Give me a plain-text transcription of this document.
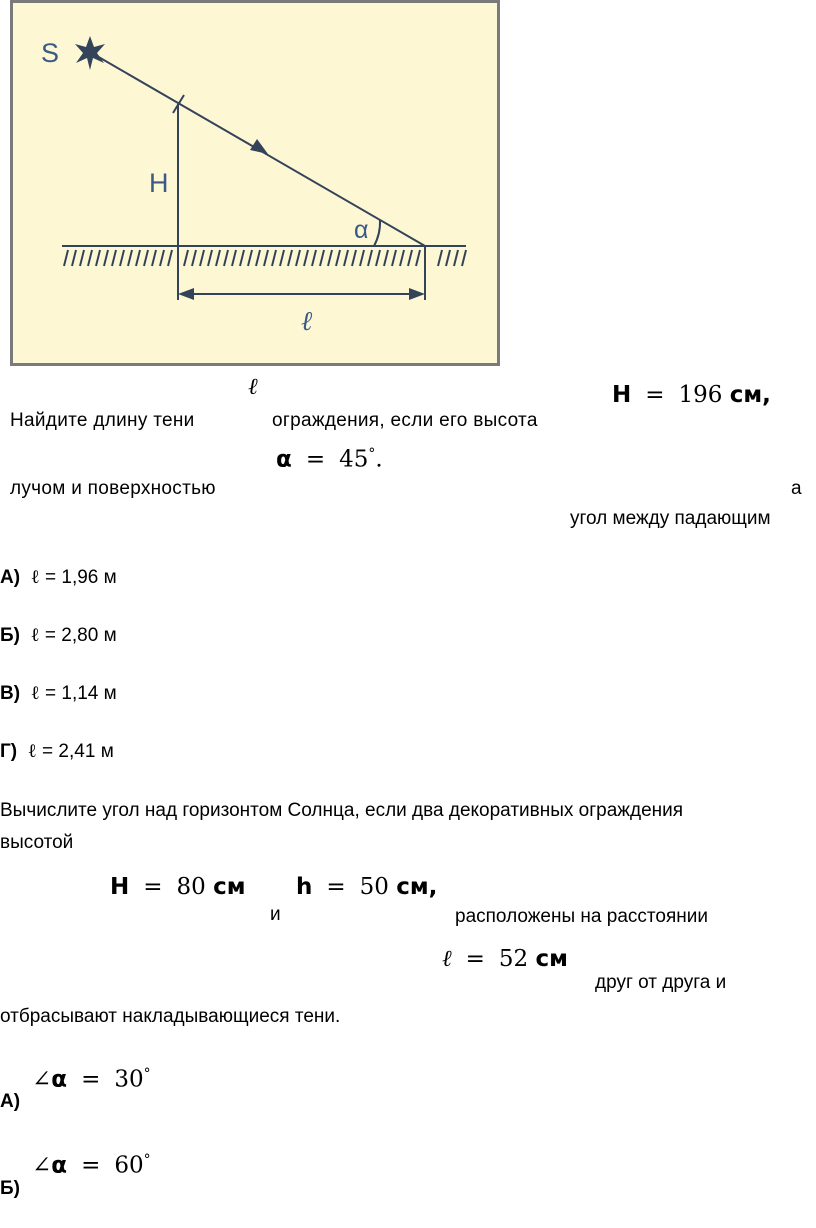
S
H
α
ℓ
ℓ	H = 196 см,
Найдите длину тени	ограждения, если его высота
α = 45°.
лучом и поверхностью	а
угол между падающим
А) ℓ = 1,96 м
Б) ℓ = 2,80 м
В) ℓ = 1,14 м
Г) ℓ = 2,41 м
Вычислите угол над горизонтом Солнца, если два декоративных ограждения
высотой
H = 80 см h = 50 см,
и	расположены на расстоянии
ℓ = 52 см
друг от друга и
отбрасывают накладывающиеся тени.
А)
∠α = 30°
Б)
∠α = 60°
